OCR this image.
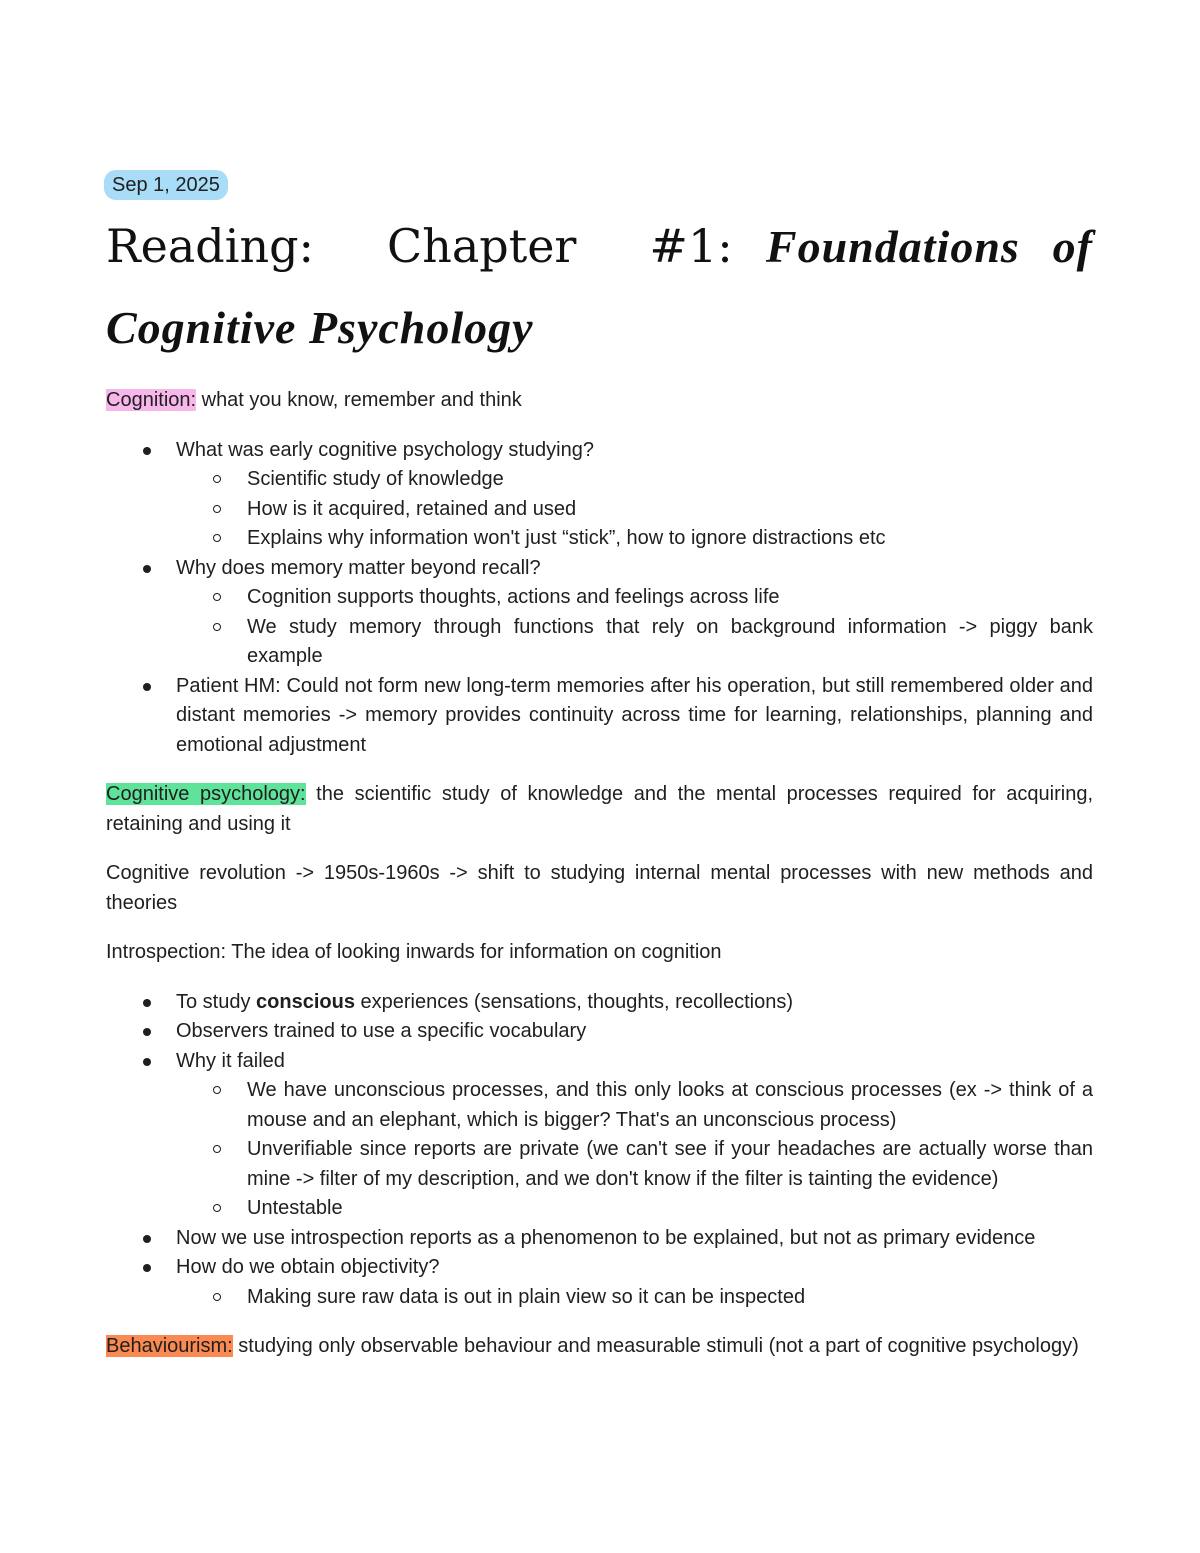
Sep 1, 2025
Reading: Chapter #1: Foundations of Cognitive Psychology

Cognition: what you know, remember and think

What was early cognitive psychology studying?
Scientific study of knowledge
How is it acquired, retained and used
Explains why information won't just “stick”, how to ignore distractions etc
Why does memory matter beyond recall?
Cognition supports thoughts, actions and feelings across life
We study memory through functions that rely on background information -> piggy bank example
Patient HM: Could not form new long-term memories after his operation, but still remembered older and distant memories -> memory provides continuity across time for learning, relationships, planning and emotional adjustment

Cognitive psychology: the scientific study of knowledge and the mental processes required for acquiring, retaining and using it

Cognitive revolution -> 1950s-1960s -> shift to studying internal mental processes with new methods and theories

Introspection: The idea of looking inwards for information on cognition

To study conscious experiences (sensations, thoughts, recollections)
Observers trained to use a specific vocabulary
Why it failed
We have unconscious processes, and this only looks at conscious processes (ex -> think of a mouse and an elephant, which is bigger? That's an unconscious process)
Unverifiable since reports are private (we can't see if your headaches are actually worse than mine -> filter of my description, and we don't know if the filter is tainting the evidence)
Untestable
Now we use introspection reports as a phenomenon to be explained, but not as primary evidence
How do we obtain objectivity?
Making sure raw data is out in plain view so it can be inspected

Behaviourism: studying only observable behaviour and measurable stimuli (not a part of cognitive psychology)
